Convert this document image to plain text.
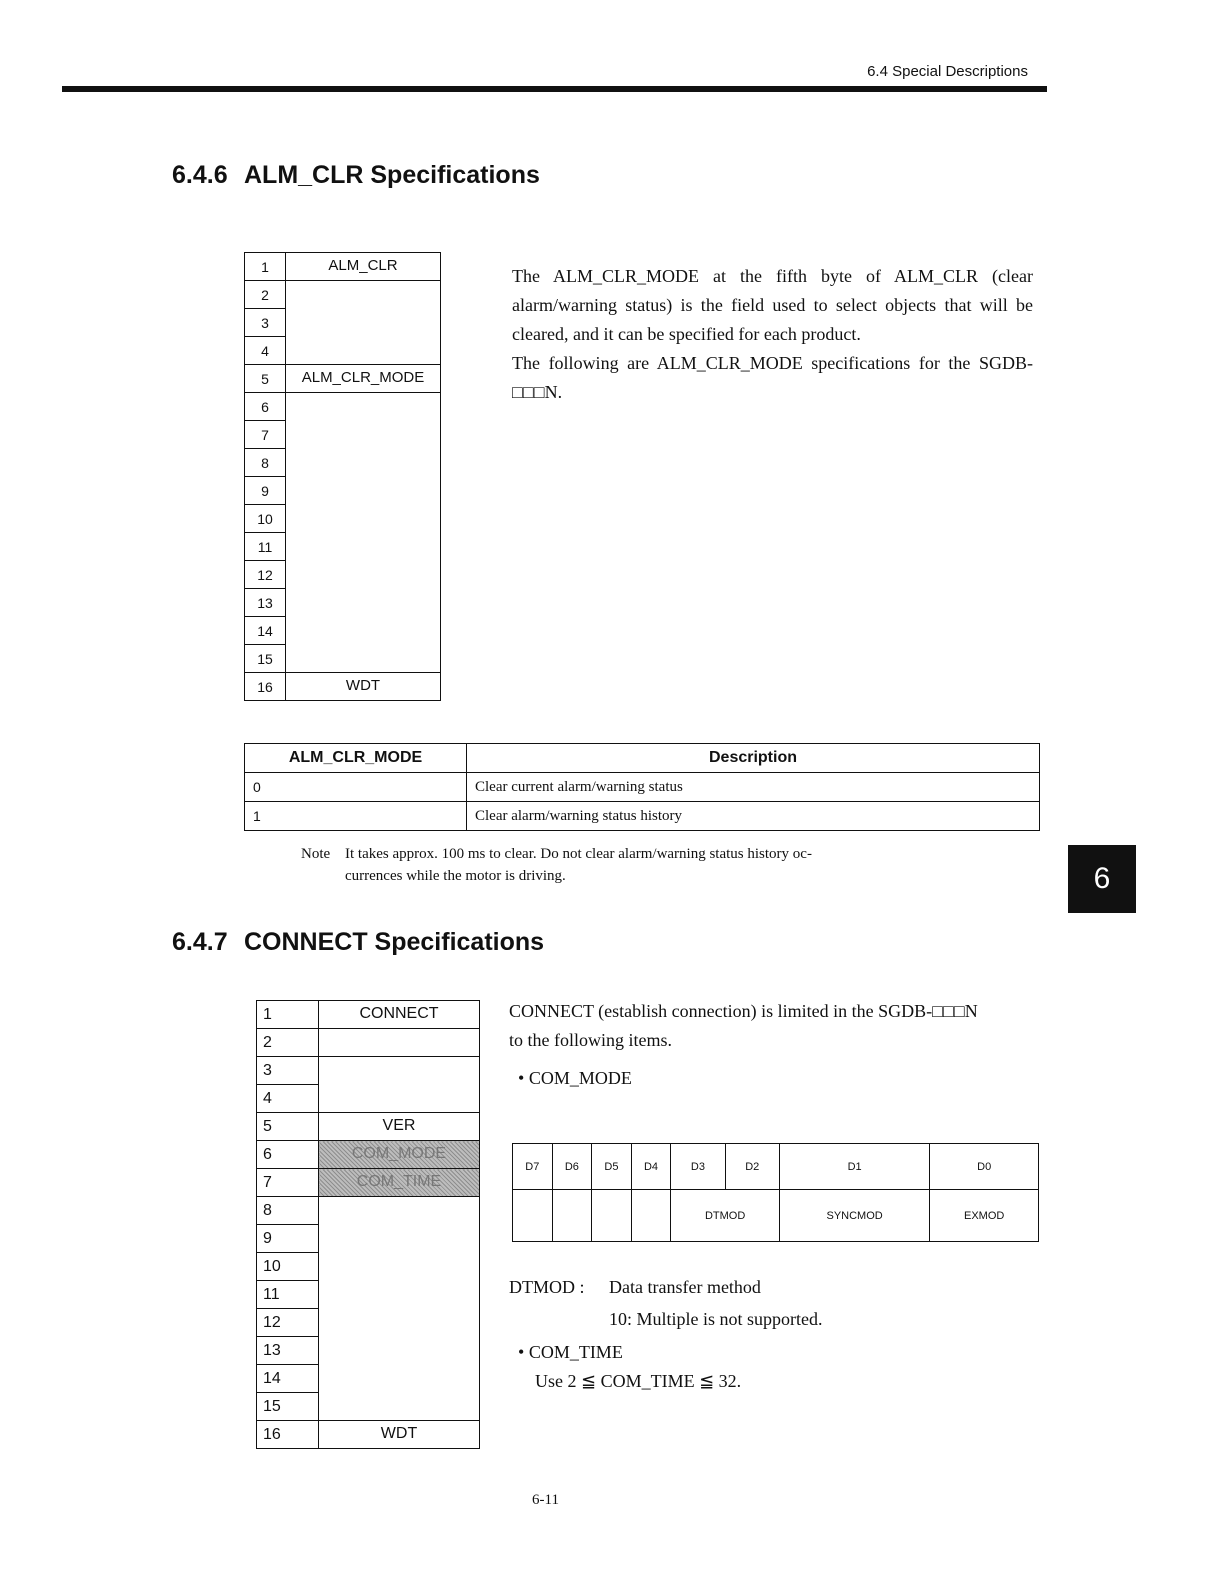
6.4 Special Descriptions
6.4.6 ALM_CLR Specifications
1	ALM_CLR
2	
3	
4	
5	ALM_CLR_MODE
6	
7	
8	
9	
10	
11	
12	
13	
14	
15	
16	WDT
The ALM_CLR_MODE at the fifth byte of ALM_CLR (clear alarm/warning status) is the field used to select objects that will be cleared, and it can be specified for each product.
The following are ALM_CLR_MODE specifications for the SGDB-□□□N.
ALM_CLR_MODE	Description
0	Clear current alarm/warning status
1	Clear alarm/warning status history
Note It takes approx. 100 ms to clear. Do not clear alarm/warning status history oc-
currences while the motor is driving.	6
6.4.7 CONNECT Specifications
1	CONNECT
2	
3	
4	
5	VER
6	COM_MODE
7	COM_TIME
8	
9	
10	
11	
12	
13	
14	
15	
16	WDT
CONNECT (establish connection) is limited in the SGDB-□□□N
to the following items.
• COM_MODE
D7	D6	D5	D4	D3	D2	D1	D0
				DTMOD		SYNCMOD	EXMOD
DTMOD : Data transfer method
10: Multiple is not supported.
• COM_TIME
Use 2 ≦ COM_TIME ≦ 32.
6-11
